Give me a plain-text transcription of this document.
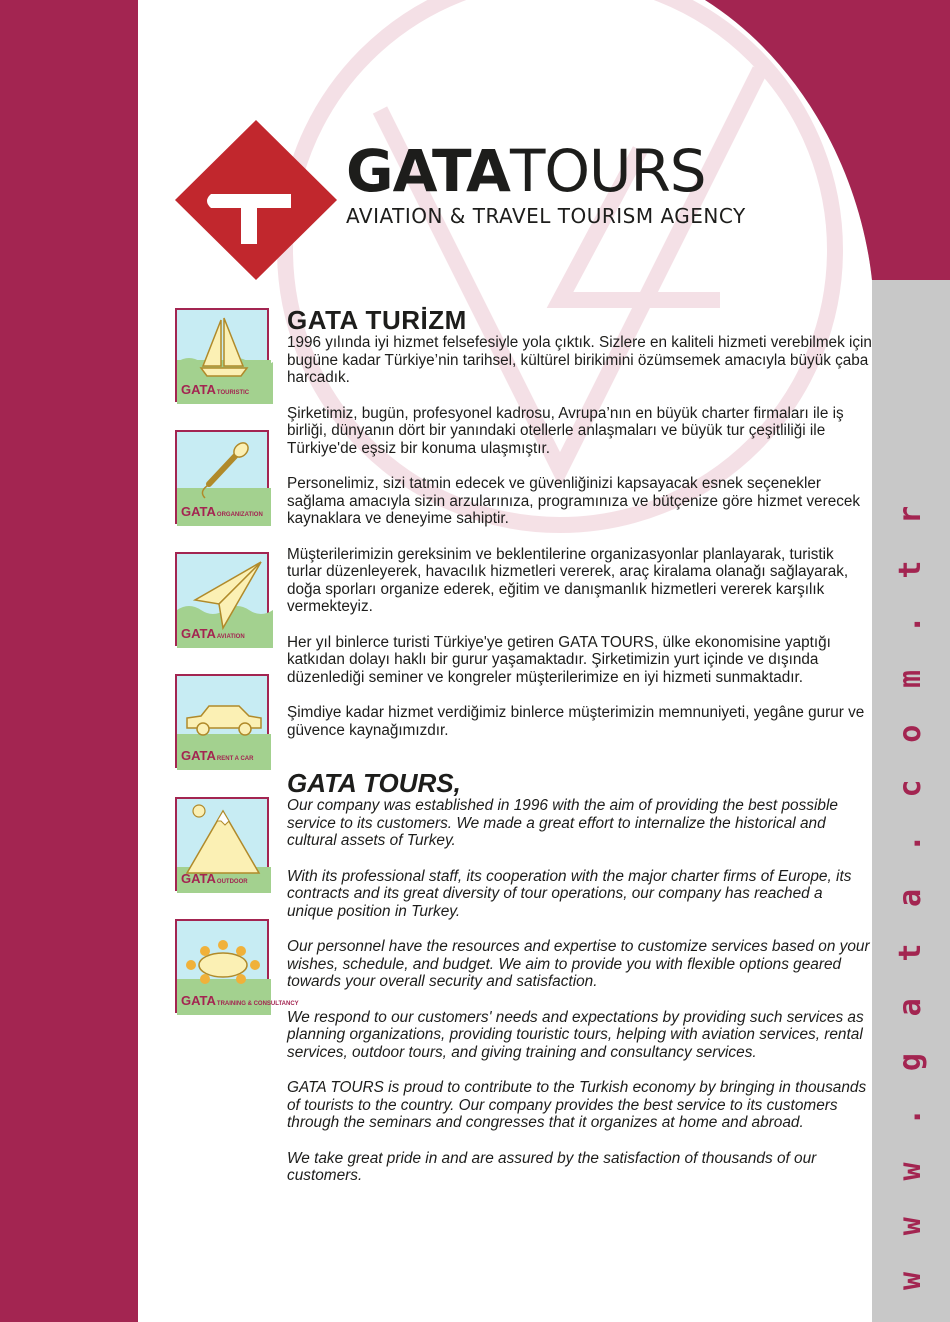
GATATOURS
AVIATION & TRAVEL TOURISM AGENCY
GATATOURISTIC
GATAORGANIZATION
GATAAVIATION
GATARENT A CAR
GATAOUTDOOR
GATATRAINING & CONSULTANCY
GATA TURİZM

1996 yılında iyi hizmet felsefesiyle yola çıktık. Sizlere en kaliteli hizmeti verebilmek için bugüne kadar Türkiye’nin tarihsel, kültürel birikimini özümsemek amacıyla büyük çaba harcadık.

Şirketimiz, bugün, profesyonel kadrosu, Avrupa’nın en büyük charter firmaları ile iş birliği, dünyanın dört bir yanındaki otellerle anlaşmaları ve büyük tur çeşitliliği ile Türkiye'de eşsiz bir konuma ulaşmıştır.

Personelimiz, sizi tatmin edecek ve güvenliğinizi kapsayacak esnek seçenekler sağlama amacıyla sizin arzularınıza, programınıza ve bütçenize göre hizmet verecek kaynaklara ve deneyime sahiptir.

Müşterilerimizin gereksinim ve beklentilerine organizasyonlar planlayarak, turistik turlar düzenleyerek, havacılık hizmetleri vererek, araç kiralama olanağı sağlayarak, doğa sporları organize ederek, eğitim ve danışmanlık hizmetleri vererek karşılık vermekteyiz.

Her yıl binlerce turisti Türkiye'ye getiren GATA TOURS, ülke ekonomisine yaptığı katkıdan dolayı haklı bir gurur yaşamaktadır. Şirketimizin yurt içinde ve dışında düzenlediği seminer ve kongreler müşterilerimize en iyi hizmeti sunmaktadır.

Şimdiye kadar hizmet verdiğimiz binlerce müşterimizin memnuniyeti, yegâne gurur ve güvence kaynağımızdır.

GATA TOURS,

Our company was established in 1996 with the aim of providing the best possible service to its customers. We made a great effort to internalize the historical and cultural assets of Turkey.

With its professional staff, its cooperation with the major charter firms of Europe, its contracts and its great diversity of tour operations, our company has reached a unique position in Turkey.

Our personnel have the resources and expertise to customize services based on your wishes, schedule, and budget. We aim to provide you with flexible options geared towards your overall security and satisfaction.

We respond to our customers' needs and expectations by providing such services as planning organizations, providing touristic tours, helping with aviation services, rental services, outdoor tours, and giving training and consultancy services.

GATA TOURS is proud to contribute to the Turkish economy by bringing in thousands of tourists to the country. Our company provides the best service to its customers through the seminars and congresses that it organizes at home and abroad.

We take great pride in and are assured by the satisfaction of thousands of our customers.	w w w . g a t a . c o m . t r
